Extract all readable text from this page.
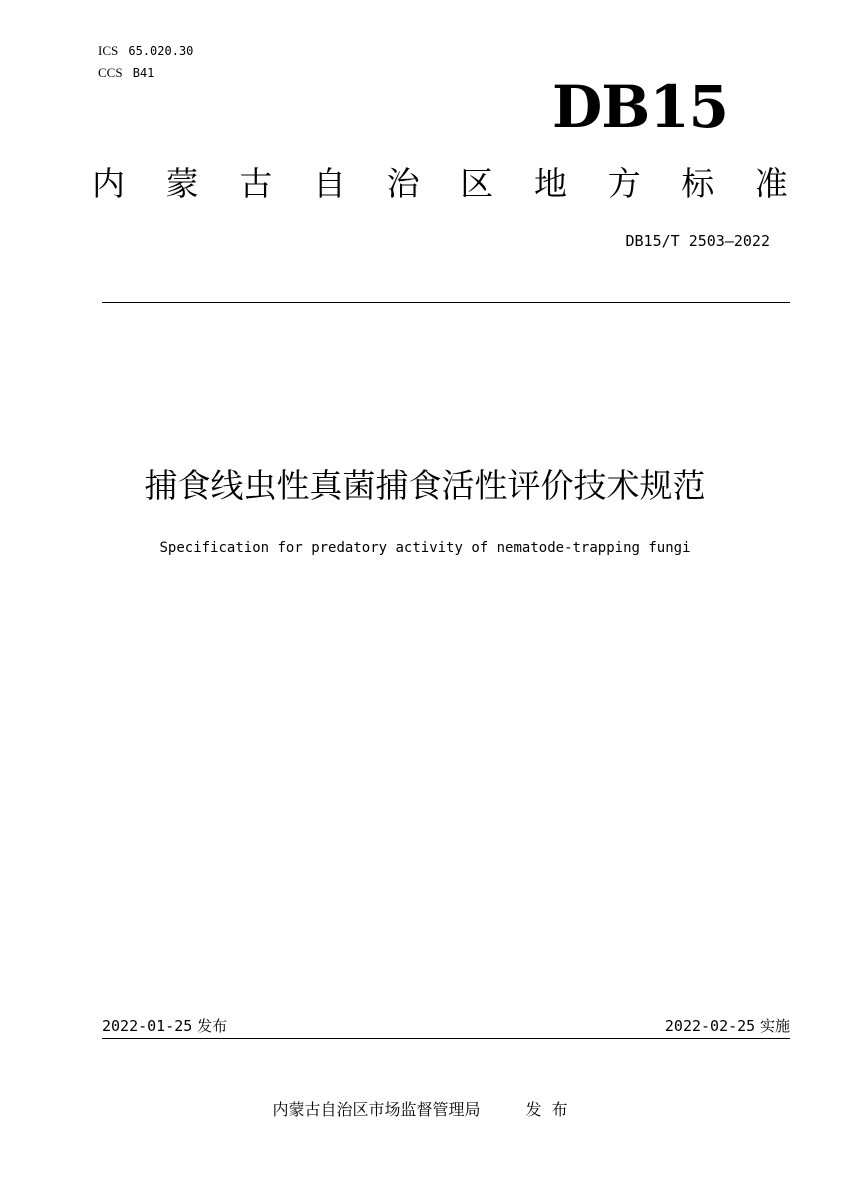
ICS 65.020.30
CCS B41	DB15
内 蒙 古 自 治 区 地 方 标 准
DB15/T 2503—2022
捕食线虫性真菌捕食活性评价技术规范
Specification for predatory activity of nematode-trapping fungi
2022-01-25 发布	2022-02-25 实施
内蒙古自治区市场监督管理局	发布
